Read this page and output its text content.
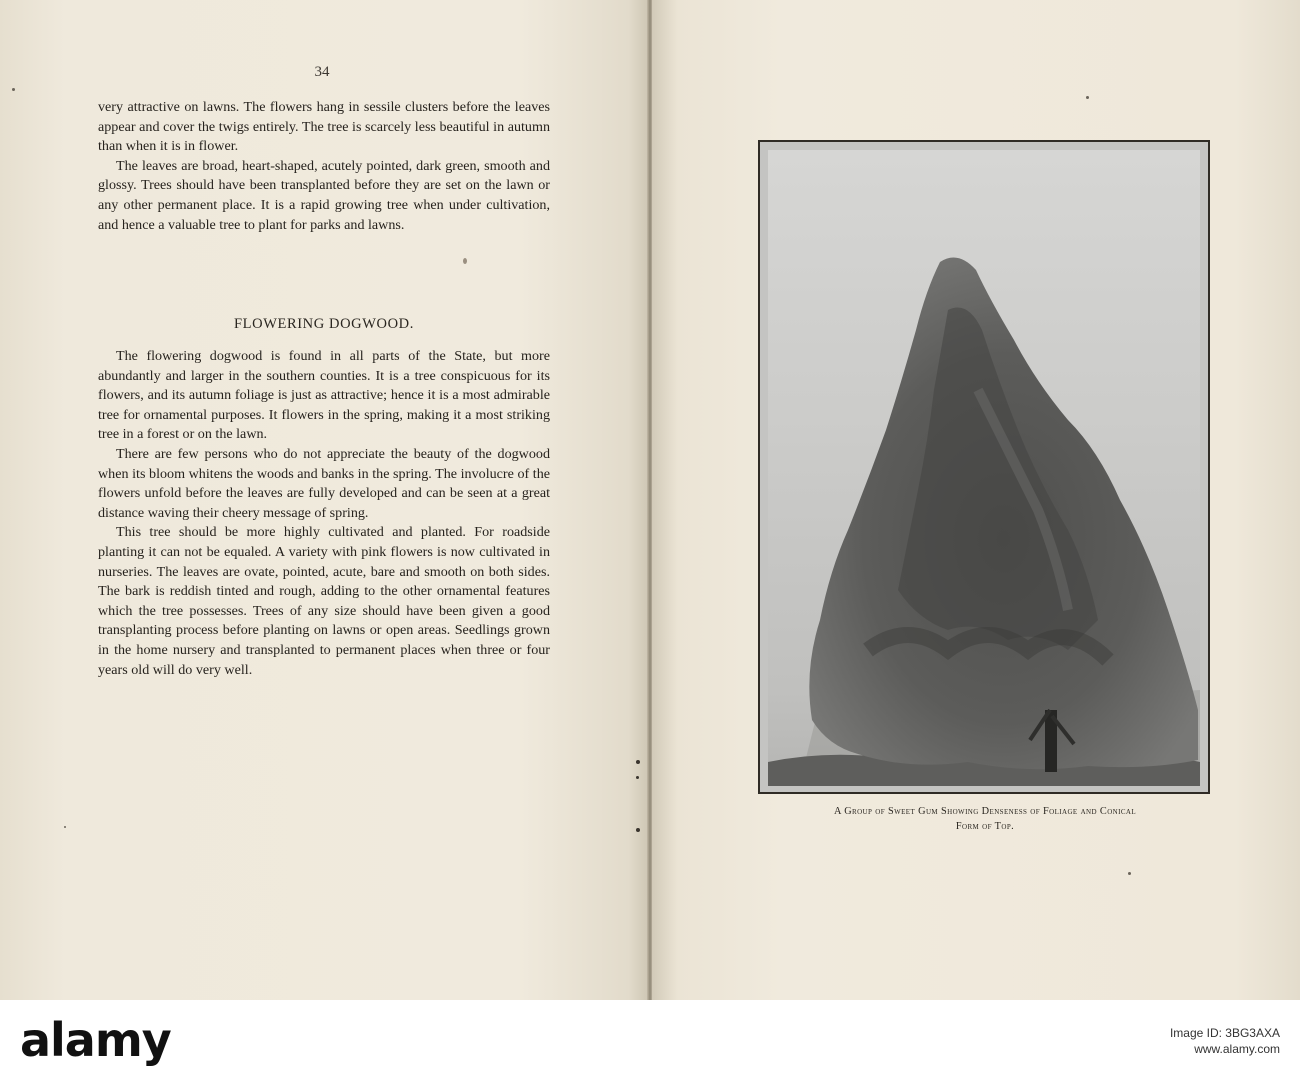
34

very attractive on lawns. The flowers hang in sessile clusters before the leaves appear and cover the twigs entirely. The tree is scarcely less beautiful in autumn than when it is in flower.

The leaves are broad, heart-shaped, acutely pointed, dark green, smooth and glossy. Trees should have been transplanted before they are set on the lawn or any other permanent place. It is a rapid growing tree when under cultivation, and hence a valuable tree to plant for parks and lawns.

FLOWERING DOGWOOD.

The flowering dogwood is found in all parts of the State, but more abundantly and larger in the southern counties. It is a tree conspicuous for its flowers, and its autumn foliage is just as attractive; hence it is a most admirable tree for ornamental purposes. It flowers in the spring, making it a most striking tree in a forest or on the lawn.

There are few persons who do not appreciate the beauty of the dogwood when its bloom whitens the woods and banks in the spring. The involucre of the flowers unfold before the leaves are fully developed and can be seen at a great distance waving their cheery message of spring.

This tree should be more highly cultivated and planted. For roadside planting it can not be equaled. A variety with pink flowers is now cultivated in nurseries. The leaves are ovate, pointed, acute, bare and smooth on both sides. The bark is reddish tinted and rough, adding to the other ornamental features which the tree possesses. Trees of any size should have been given a good transplanting process before planting on lawns or open areas. Seedlings grown in the home nursery and transplanted to permanent places when three or four years old will do very well.

A Group of Sweet Gum Showing Denseness of Foliage and Conical
Form of Top.
alamy	Image ID: 3BG3AXA
www.alamy.com
